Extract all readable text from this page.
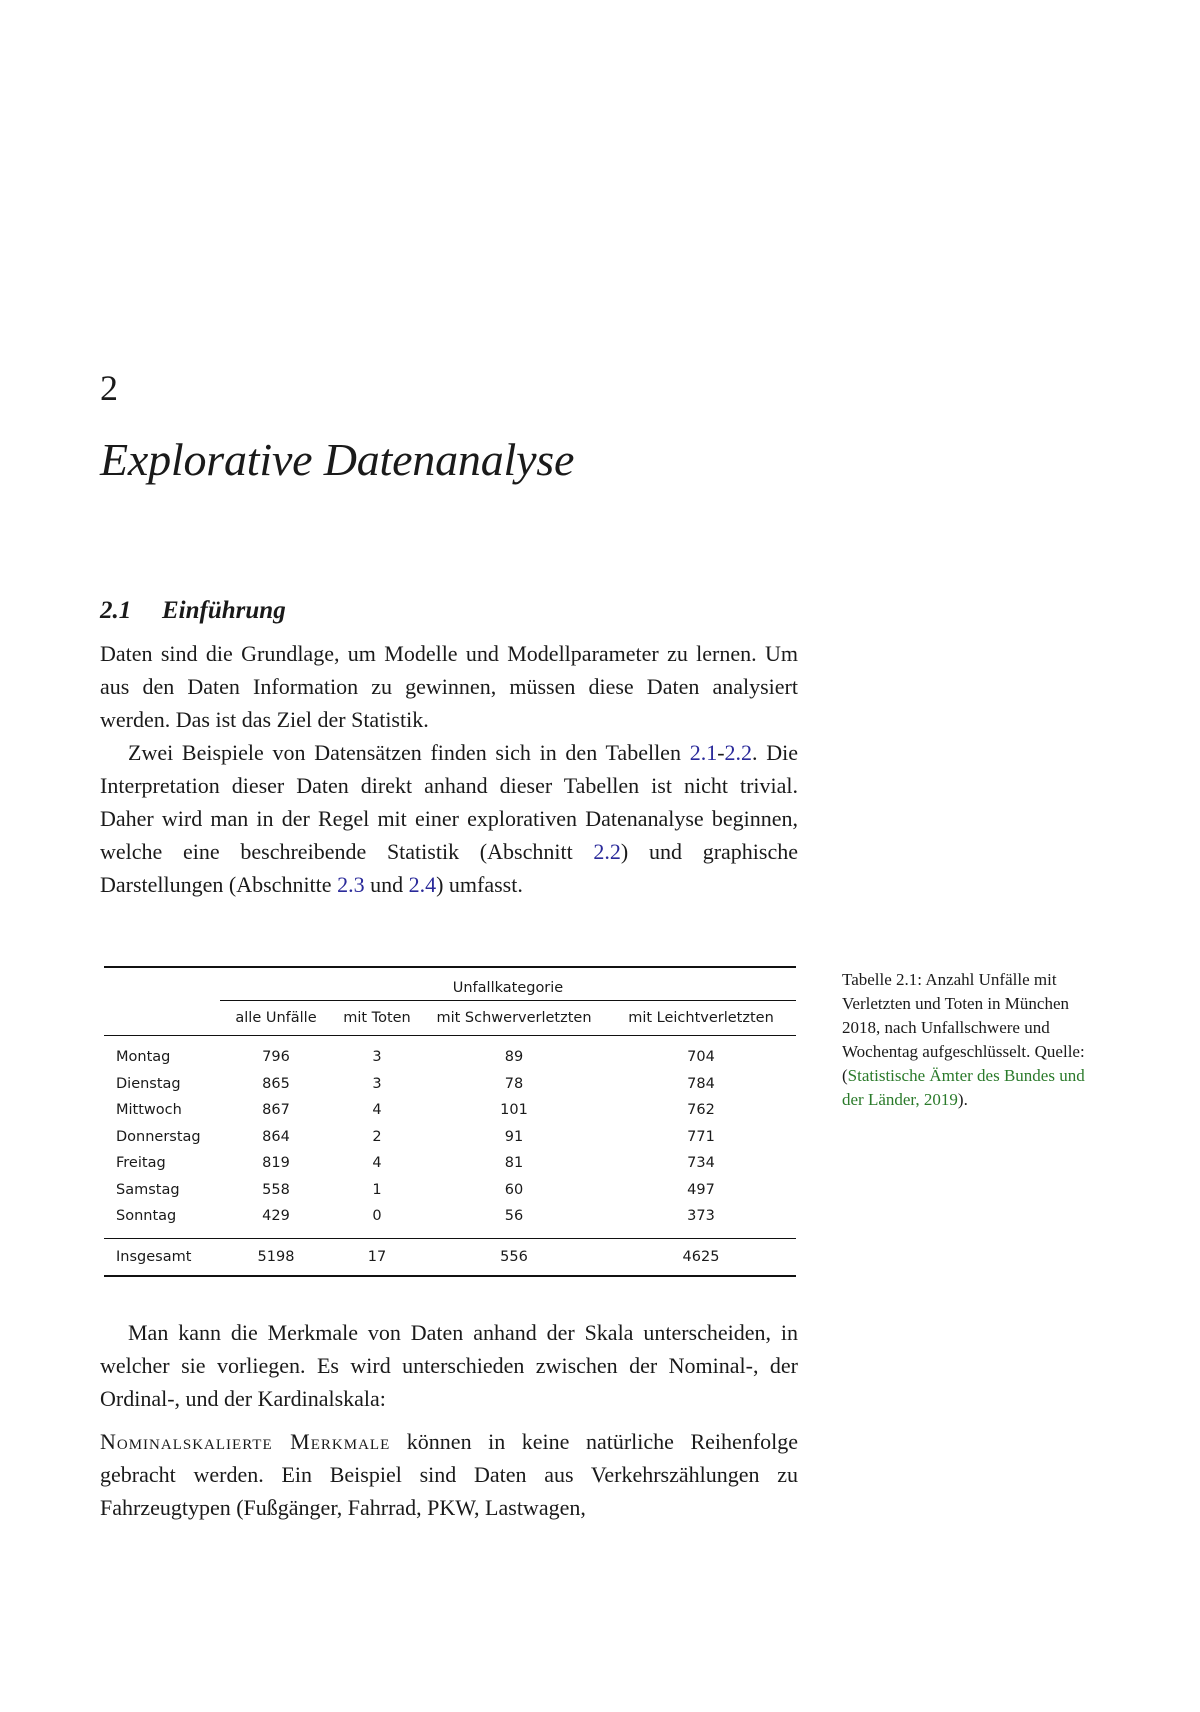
2
Explorative Datenanalyse
2.1 Einführung

Daten sind die Grundlage, um Modelle und Modellparameter zu lernen. Um aus den Daten Information zu gewinnen, müssen diese Daten analysiert werden. Das ist das Ziel der Statistik.

Zwei Beispiele von Datensätzen finden sich in den Tabellen 2.1-2.2. Die Interpretation dieser Daten direkt anhand dieser Tabellen ist nicht trivial. Daher wird man in der Regel mit einer explorativen Datenanalyse beginnen, welche eine beschreibende Statistik (Abschnitt 2.2) und graphische Darstellungen (Abschnitte 2.3 und 2.4) umfasst.

	Unfallkategorie			
	alle Unfälle	mit Toten	mit Schwerverletzten	mit Leichtverletzten

Montag	796	3	89	704
Dienstag	865	3	78	784
Mittwoch	867	4	101	762
Donnerstag	864	2	91	771
Freitag	819	4	81	734
Samstag	558	1	60	497
Sonntag	429	0	56	373

Insgesamt	5198	17	556	4625
Tabelle 2.1: Anzahl Unfälle mit Verletzten und Toten in München 2018, nach Unfallschwere und Wochentag aufgeschlüsselt. Quelle: (Statistische Ämter des Bundes und der Länder, 2019).

Man kann die Merkmale von Daten anhand der Skala unterscheiden, in welcher sie vorliegen. Es wird unterschieden zwischen der Nominal-, der Ordinal-, und der Kardinalskala:

Nominalskalierte Merkmale können in keine natürliche Reihenfolge gebracht werden. Ein Beispiel sind Daten aus Verkehrszählungen zu Fahrzeugtypen (Fußgänger, Fahrrad, PKW, Lastwagen,
